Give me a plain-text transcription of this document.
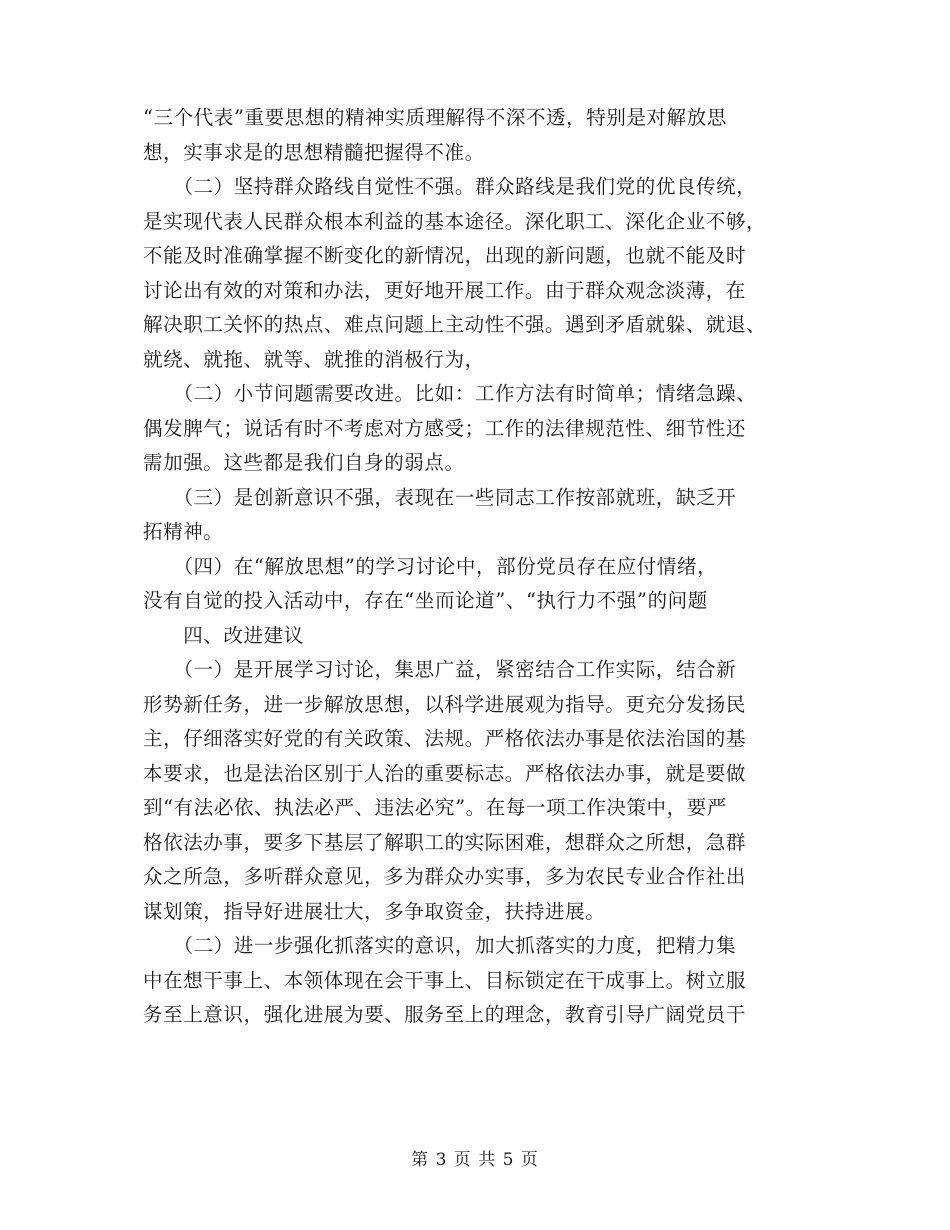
“三个代表”重要思想的精神实质理解得不深不透，特别是对解放思
想，实事求是的思想精髓把握得不准。
　　（二）坚持群众路线自觉性不强。群众路线是我们党的优良传统，
是实现代表人民群众根本利益的基本途径。深化职工、深化企业不够，
不能及时准确掌握不断变化的新情况，出现的新问题，也就不能及时
讨论出有效的对策和办法，更好地开展工作。由于群众观念淡薄，在
解决职工关怀的热点、难点问题上主动性不强。遇到矛盾就躲、就退、
就绕、就拖、就等、就推的消极行为，
　　（二）小节问题需要改进。比如：工作方法有时简单；情绪急躁、
偶发脾气；说话有时不考虑对方感受；工作的法律规范性、细节性还
需加强。这些都是我们自身的弱点。
　　（三）是创新意识不强，表现在一些同志工作按部就班，缺乏开
拓精神。
　　（四）在“解放思想”的学习讨论中，部份党员存在应付情绪，
没有自觉的投入活动中，存在“坐而论道”、“执行力不强”的问题
　　四、改进建议
　　（一）是开展学习讨论，集思广益，紧密结合工作实际，结合新
形势新任务，进一步解放思想，以科学进展观为指导。更充分发扬民
主，仔细落实好党的有关政策、法规。严格依法办事是依法治国的基
本要求，也是法治区别于人治的重要标志。严格依法办事，就是要做
到“有法必依、执法必严、违法必究”。在每一项工作决策中，要严
格依法办事，要多下基层了解职工的实际困难，想群众之所想，急群
众之所急，多听群众意见，多为群众办实事，多为农民专业合作社出
谋划策，指导好进展壮大，多争取资金，扶持进展。
　　（二）进一步强化抓落实的意识，加大抓落实的力度，把精力集
中在想干事上、本领体现在会干事上、目标锁定在干成事上。树立服
务至上意识，强化进展为要、服务至上的理念，教育引导广阔党员干
第 3 页 共 5 页
